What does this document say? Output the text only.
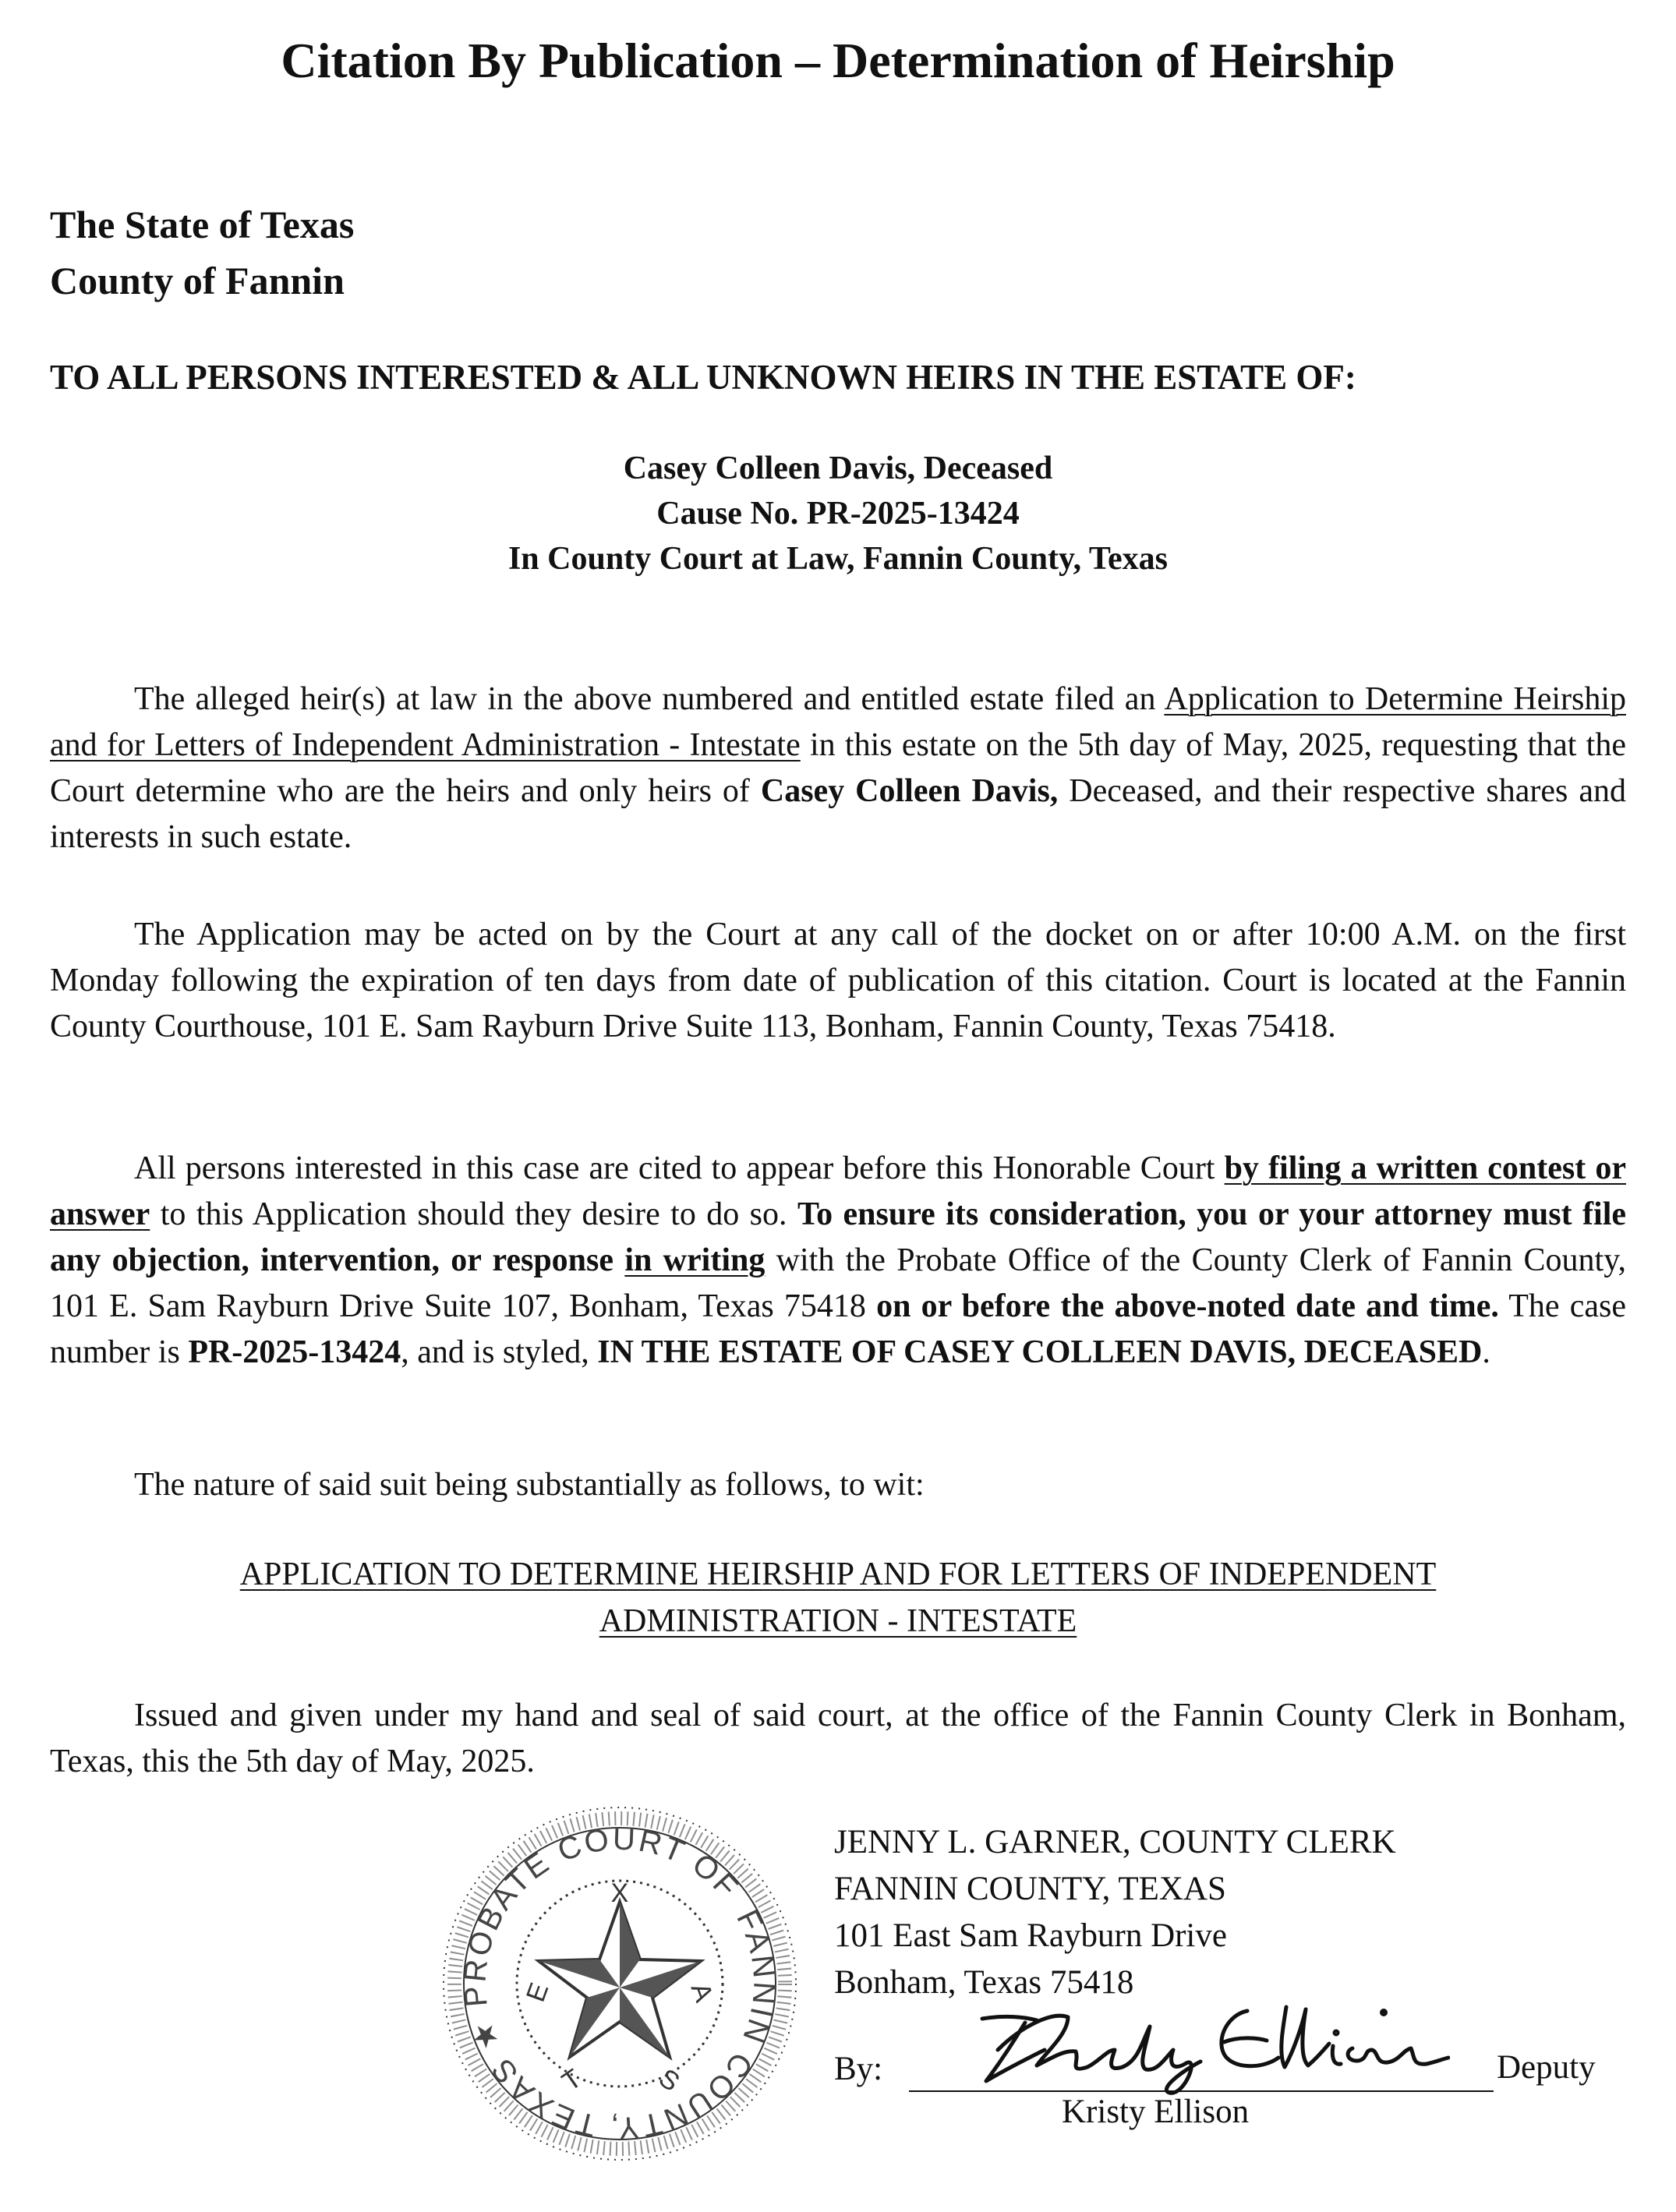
Citation By Publication – Determination of Heirship
The State of Texas
County of Fannin
TO ALL PERSONS INTERESTED & ALL UNKNOWN HEIRS IN THE ESTATE OF:
Casey Colleen Davis, Deceased
Cause No. PR-2025-13424
In County Court at Law, Fannin County, Texas

The alleged heir(s) at law in the above numbered and entitled estate filed an Application to Determine Heirship and for Letters of Independent Administration - Intestate in this estate on the 5th day of May, 2025, requesting that the Court determine who are the heirs and only heirs of Casey Colleen Davis, Deceased, and their respective shares and interests in such estate.

The Application may be acted on by the Court at any call of the docket on or after 10:00 A.M. on the first Monday following the expiration of ten days from date of publication of this citation. Court is located at the Fannin County Courthouse, 101 E. Sam Rayburn Drive Suite 113, Bonham, Fannin County, Texas 75418.

All persons interested in this case are cited to appear before this Honorable Court by filing a written contest or answer to this Application should they desire to do so. To ensure its consideration, you or your attorney must file any objection, intervention, or response in writing with the Probate Office of the County Clerk of Fannin County, 101 E. Sam Rayburn Drive Suite 107, Bonham, Texas 75418 on or before the above-noted date and time. The case number is PR-2025-13424, and is styled, IN THE ESTATE OF CASEY COLLEEN DAVIS, DECEASED.

The nature of said suit being substantially as follows, to wit:

APPLICATION TO DETERMINE HEIRSHIP AND FOR LETTERS OF INDEPENDENT
ADMINISTRATION - INTESTATE

Issued and given under my hand and seal of said court, at the office of the Fannin County Clerk in Bonham, Texas, this the 5th day of May, 2025.

FANNIN COUNTY, TEXAS ★ PROBATE COURT OF
T
E
X
A
S
JENNY L. GARNER, COUNTY CLERK
FANNIN COUNTY, TEXAS
101 East Sam Rayburn Drive
Bonham, Texas 75418
By:	Deputy
Kristy Ellison
